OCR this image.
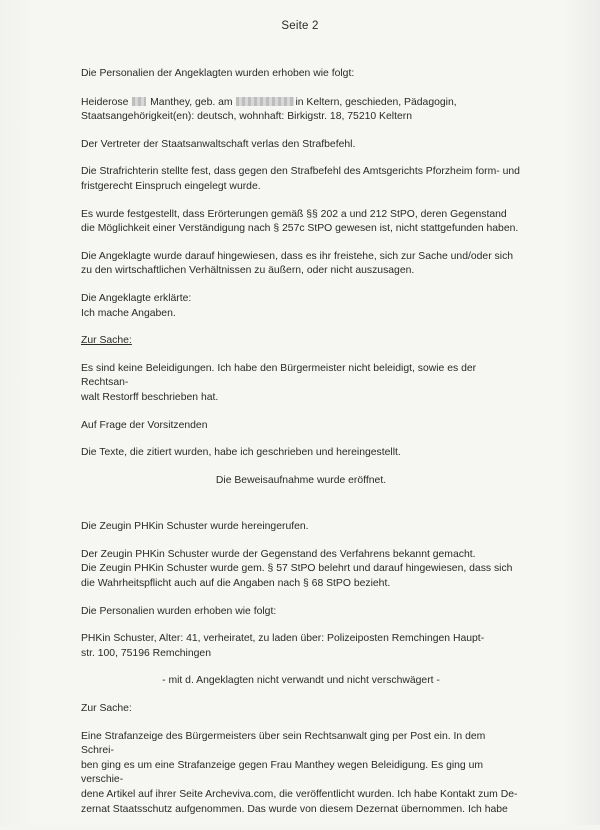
Seite 2

Die Personalien der Angeklagten wurden erhoben wie folgt:

Heiderose Manthey, geb. am	in Keltern, geschieden, Pädagogin,
Staatsangehörigkeit(en): deutsch, wohnhaft: Birkigstr. 18, 75210 Keltern

Der Vertreter der Staatsanwaltschaft verlas den Strafbefehl.

Die Strafrichterin stellte fest, dass gegen den Strafbefehl des Amtsgerichts Pforzheim form- und
fristgerecht Einspruch eingelegt wurde.

Es wurde festgestellt, dass Erörterungen gemäß §§ 202 a und 212 StPO, deren Gegenstand
die Möglichkeit einer Verständigung nach § 257c StPO gewesen ist, nicht stattgefunden haben.

Die Angeklagte wurde darauf hingewiesen, dass es ihr freistehe, sich zur Sache und/oder sich
zu den wirtschaftlichen Verhältnissen zu äußern, oder nicht auszusagen.

Die Angeklagte erklärte:
Ich mache Angaben.

Zur Sache:

Es sind keine Beleidigungen. Ich habe den Bürgermeister nicht beleidigt, sowie es der Rechtsan-
walt Restorff beschrieben hat.

Auf Frage der Vorsitzenden

Die Texte, die zitiert wurden, habe ich geschrieben und hereingestellt.

Die Beweisaufnahme wurde eröffnet.

Die Zeugin PHKin Schuster wurde hereingerufen.

Der Zeugin PHKin Schuster wurde der Gegenstand des Verfahrens bekannt gemacht.
Die Zeugin PHKin Schuster wurde gem. § 57 StPO belehrt und darauf hingewiesen, dass sich
die Wahrheitspflicht auch auf die Angaben nach § 68 StPO bezieht.

Die Personalien wurden erhoben wie folgt:

PHKin Schuster, Alter: 41, verheiratet, zu laden über: Polizeiposten Remchingen Haupt-
str. 100, 75196 Remchingen

- mit d. Angeklagten nicht verwandt und nicht verschwägert -

Zur Sache:

Eine Strafanzeige des Bürgermeisters über sein Rechtsanwalt ging per Post ein. In dem Schrei-
ben ging es um eine Strafanzeige gegen Frau Manthey wegen Beleidigung. Es ging um verschie-
dene Artikel auf ihrer Seite Archeviva.com, die veröffentlicht wurden. Ich habe Kontakt zum De-
zernat Staatsschutz aufgenommen. Das wurde von diesem Dezernat übernommen. Ich habe
